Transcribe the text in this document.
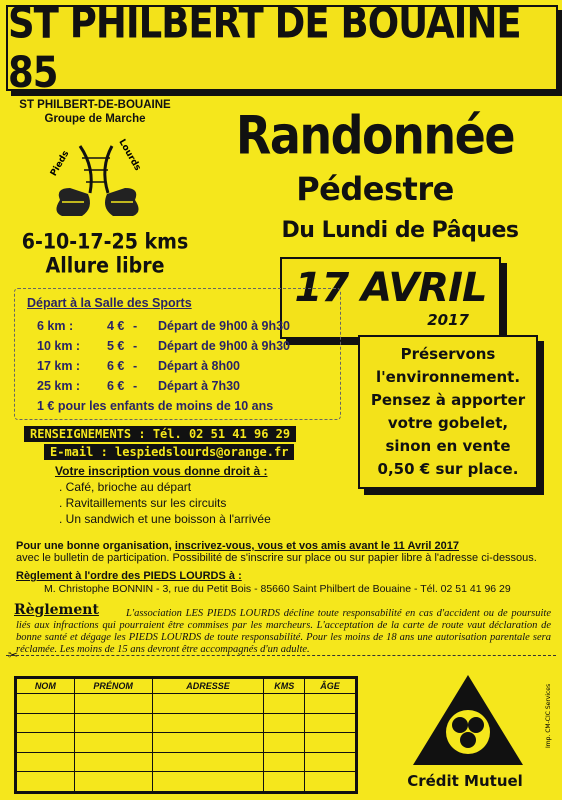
ST PHILBERT DE BOUAINE 85
ST PHILBERT-DE-BOUAINE
Groupe de Marche
Pieds	Lourds
6-10-17-25 kms
Allure libre
Randonnée
Pédestre
Du Lundi de Pâques
17 AVRIL
2017
Préservons
l'environnement.
Pensez à apporter
votre gobelet,
sinon en vente
0,50 € sur place.
Départ à la Salle des Sports
6 km :	4 € - Départ de 9h00 à 9h30
10 km : 5 € - Départ de 9h00 à 9h30
17 km : 6 € - Départ à 8h00
25 km : 6 € - Départ à 7h30
1 € pour les enfants de moins de 10 ans
RENSEIGNEMENTS : Tél. 02 51 41 96 29
E-mail : lespiedslourds@orange.fr
Votre inscription vous donne droit à :
. Café, brioche au départ
. Ravitaillements sur les circuits
. Un sandwich et une boisson à l'arrivée
Pour une bonne organisation, inscrivez-vous, vous et vos amis avant le 11 Avril 2017
avec le bulletin de participation. Possibilité de s'inscrire sur place ou sur papier libre à l'adresse ci-dessous.
Règlement à l'ordre des PIEDS LOURDS à :
M. Christophe BONNIN - 3, rue du Petit Bois - 85660 Saint Philbert de Bouaine - Tél. 02 51 41 96 29
L'association LES PIEDS LOURDS décline toute responsabilité en cas d'accident ou de poursuite liés aux infractions qui pourraient être commises par les marcheurs. L'acceptation de la carte de route vaut déclaration de bonne santé et dégage les PIEDS LOURDS de toute responsabilité. Pour les moins de 18 ans une autorisation parentale sera réclamée. Les moins de 15 ans devront être accompagnés d'un adulte.
Règlement
✂
NOM	PRÉNOM	ADRESSE	KMS	ÂGE

Crédit Mutuel
Imp. CM-CIC Services
